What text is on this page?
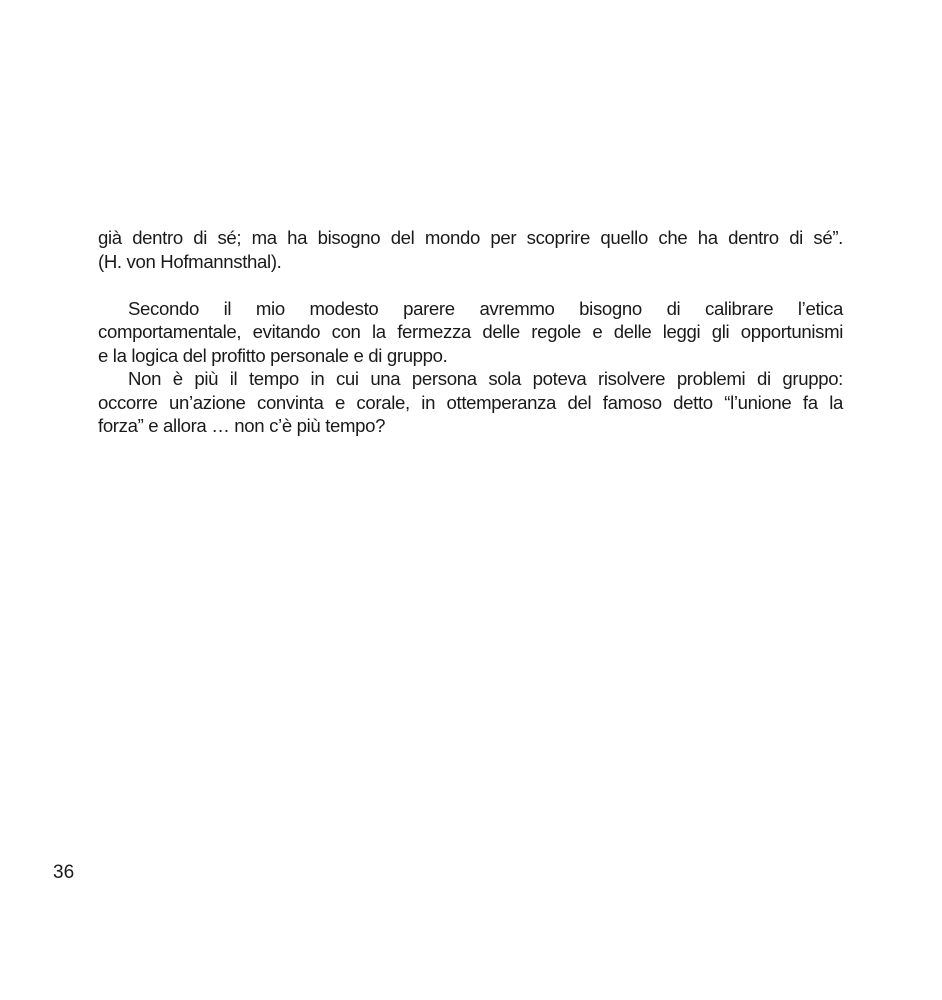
già dentro di sé; ma ha bisogno del mondo per scoprire quello che ha dentro di sé”.
(H. von Hofmannsthal).
Secondo il mio modesto parere avremmo bisogno di calibrare l’etica
comportamentale, evitando con la fermezza delle regole e delle leggi gli opportunismi
e la logica del profitto personale e di gruppo.
Non è più il tempo in cui una persona sola poteva risolvere problemi di gruppo:
occorre un’azione convinta e corale, in ottemperanza del famoso detto “l’unione fa la
forza” e allora … non c’è più tempo?
36
